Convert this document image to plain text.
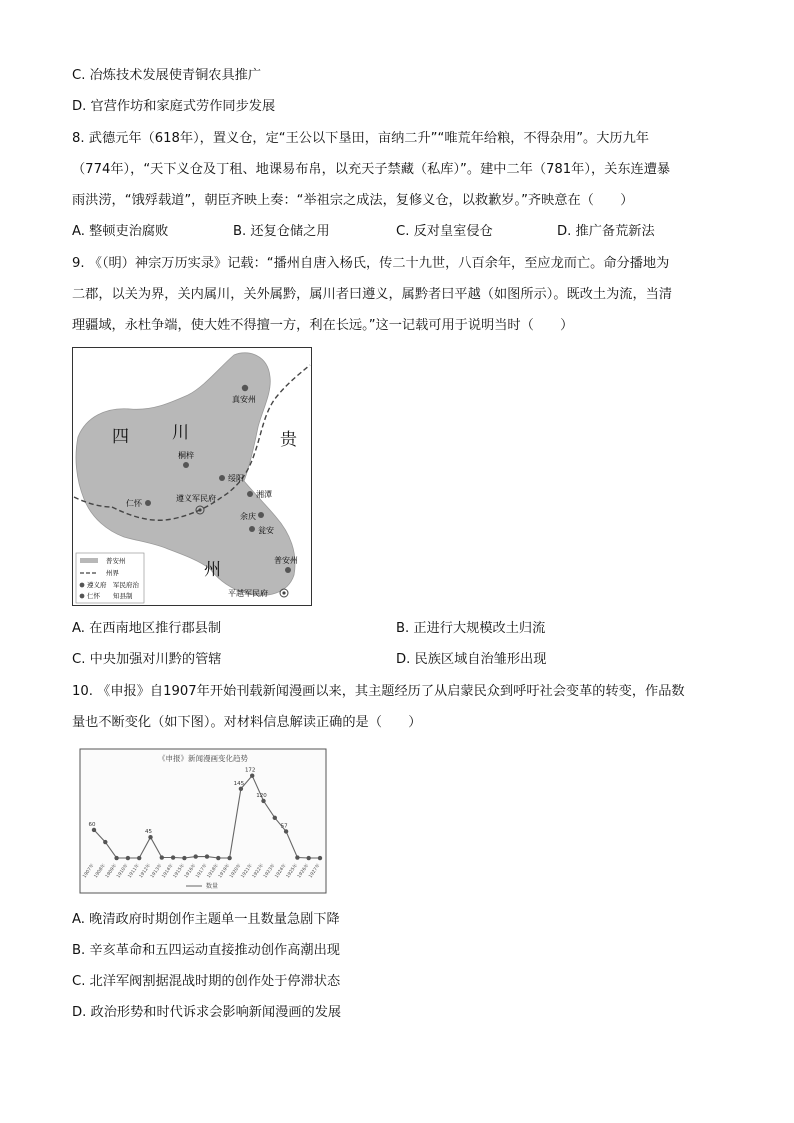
C. 冶炼技术发展使青铜农具推广
D. 官营作坊和家庭式劳作同步发展
8. 武德元年（618年），置义仓，定“王公以下垦田，亩纳二升”“唯荒年给粮，不得杂用”。大历九年
（774年），“天下义仓及丁租、地课易布帛，以充天子禁藏（私库）”。建中二年（781年），关东连遭暴
雨洪涝，“饿殍载道”，朝臣齐映上奏：“举祖宗之成法，复修义仓，以救歉岁。”齐映意在（　　）
A. 整顿吏治腐败	B. 还复仓储之用	C. 反对皇室侵仓	D. 推广备荒新法
9. 《（明）神宗万历实录》记载：“播州自唐入杨氏，传二十九世，八百余年，至应龙而亡。命分播地为
二郡，以关为界，关内属川，关外属黔，属川者曰遵义，属黔者曰平越（如图所示）。既改土为流，当清
理疆域，永杜争端，使大姓不得擅一方，利在长远。”这一记载可用于说明当时（　　）
四	川	贵
州
真安州
桐梓
绥阳
仁怀
遵义军民府	湘潭
余庆
瓮安
普安州
平越军民府
普安州
州界
遵义府　军民府治
仁怀　　知县制
A. 在西南地区推行郡县制	B. 正进行大规模改土归流
C. 中央加强对川黔的管辖	D. 民族区域自治雏形出现
10. 《申报》自1907年开始刊载新闻漫画以来，其主题经历了从启蒙民众到呼吁社会变革的转变，作品数
量也不断变化（如下图）。对材料信息解读正确的是（　　）
《申报》新闻漫画变化趋势
60
45
145
172
120
57
1907年
1908年
1909年
1910年
1911年
1912年
1913年
1914年
1915年
1916年
1917年
1918年
1919年
1920年
1921年
1922年
1923年
1924年
1925年
1926年
1927年
数量
A. 晚清政府时期创作主题单一且数量急剧下降
B. 辛亥革命和五四运动直接推动创作高潮出现
C. 北洋军阀割据混战时期的创作处于停滞状态
D. 政治形势和时代诉求会影响新闻漫画的发展
